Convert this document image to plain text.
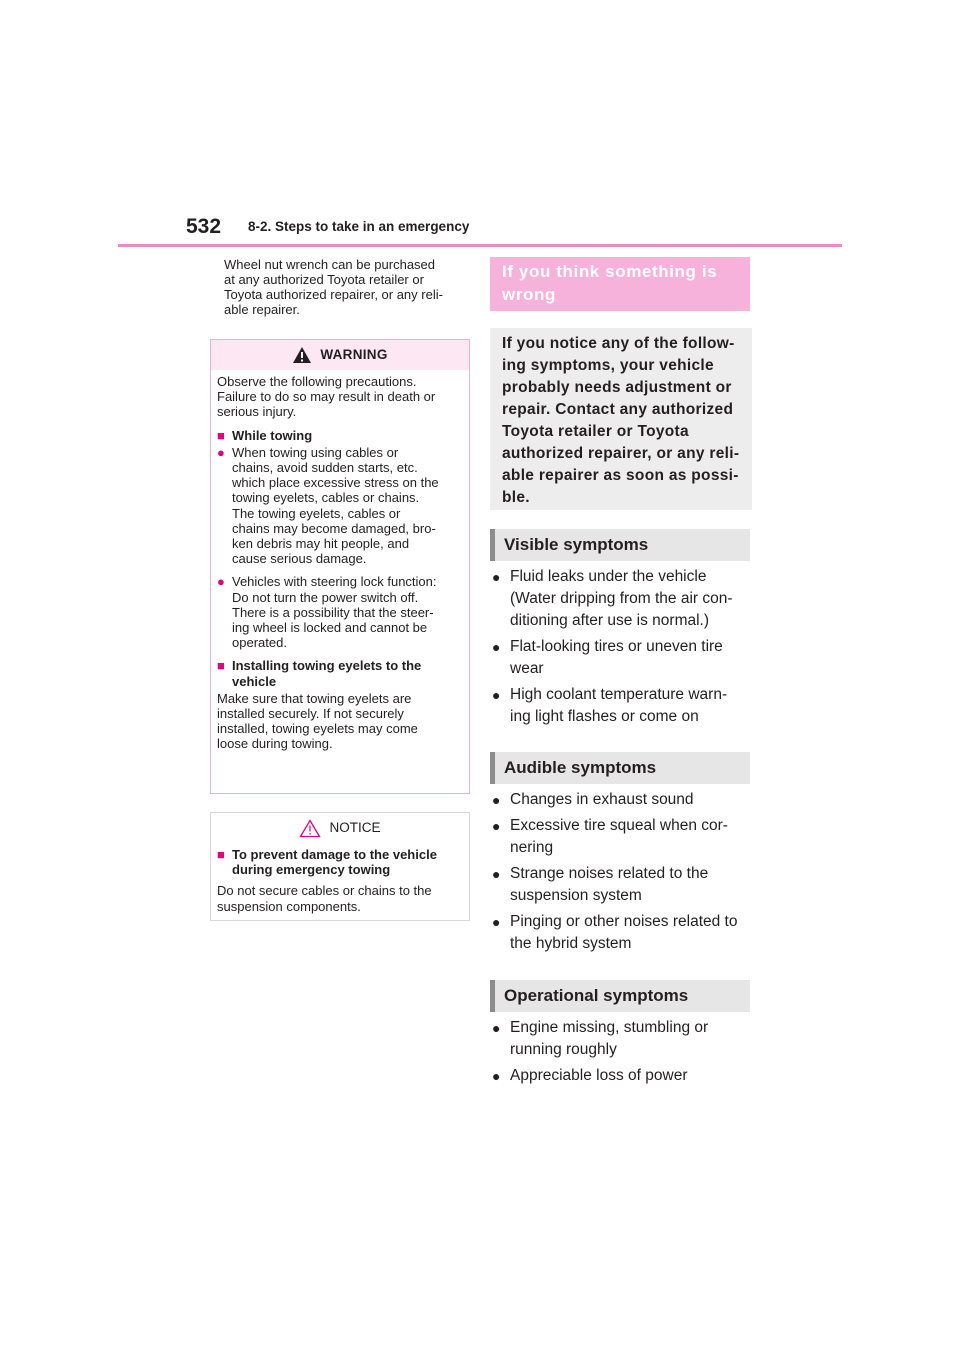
532 8-2. Steps to take in an emergency

Wheel nut wrench can be purchased

at any authorized Toyota retailer or

Toyota authorized repairer, or any reli-

able repairer.

WARNING

Observe the following precautions.
Failure to do so may result in death or
serious injury.

■ While towing
● When towing using cables or
chains, avoid sudden starts, etc.
which place excessive stress on the
towing eyelets, cables or chains.
The towing eyelets, cables or
chains may become damaged, bro-
ken debris may hit people, and
cause serious damage.
● Vehicles with steering lock function:
Do not turn the power switch off.
There is a possibility that the steer-
ing wheel is locked and cannot be
operated.
■ Installing towing eyelets to the
vehicle

Make sure that towing eyelets are
installed securely. If not securely
installed, towing eyelets may come
loose during towing.

NOTICE
■ To prevent damage to the vehicle
during emergency towing

Do not secure cables or chains to the
suspension components.

If you think something is
wrong
If you notice any of the follow-
ing symptoms, your vehicle
probably needs adjustment or
repair. Contact any authorized
Toyota retailer or Toyota
authorized repairer, or any reli-
able repairer as soon as possi-
ble.
Visible symptoms
● Fluid leaks under the vehicle
(Water dripping from the air con-
ditioning after use is normal.)
● Flat-looking tires or uneven tire
wear
● High coolant temperature warn-
ing light flashes or come on
Audible symptoms
● Changes in exhaust sound
● Excessive tire squeal when cor-
nering
● Strange noises related to the
suspension system
● Pinging or other noises related to
the hybrid system
Operational symptoms
● Engine missing, stumbling or
running roughly
● Appreciable loss of power
